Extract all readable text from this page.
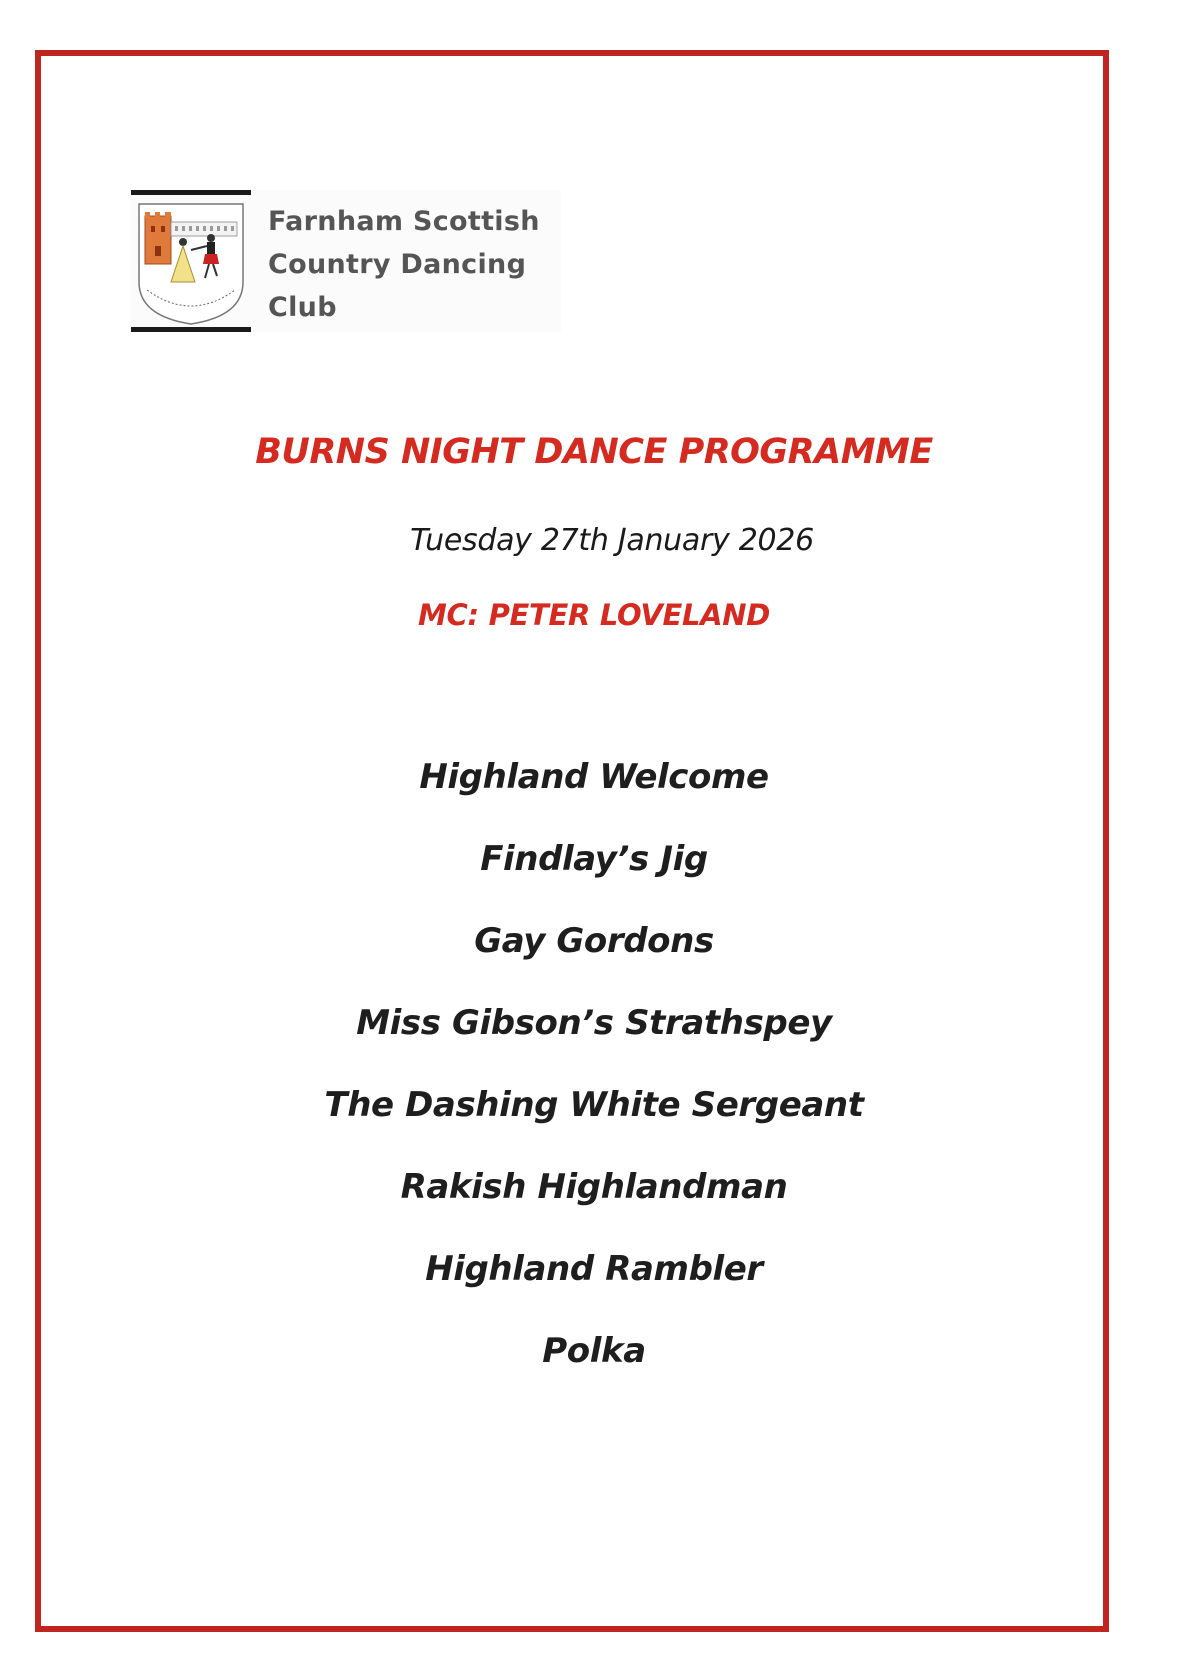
Farnham Scottish
Country Dancing
Club
BURNS NIGHT DANCE PROGRAMME
Tuesday 27th January 2026
MC: PETER LOVELAND
Highland Welcome
Findlay’s Jig
Gay Gordons
Miss Gibson’s Strathspey
The Dashing White Sergeant
Rakish Highlandman
Highland Rambler
Polka
